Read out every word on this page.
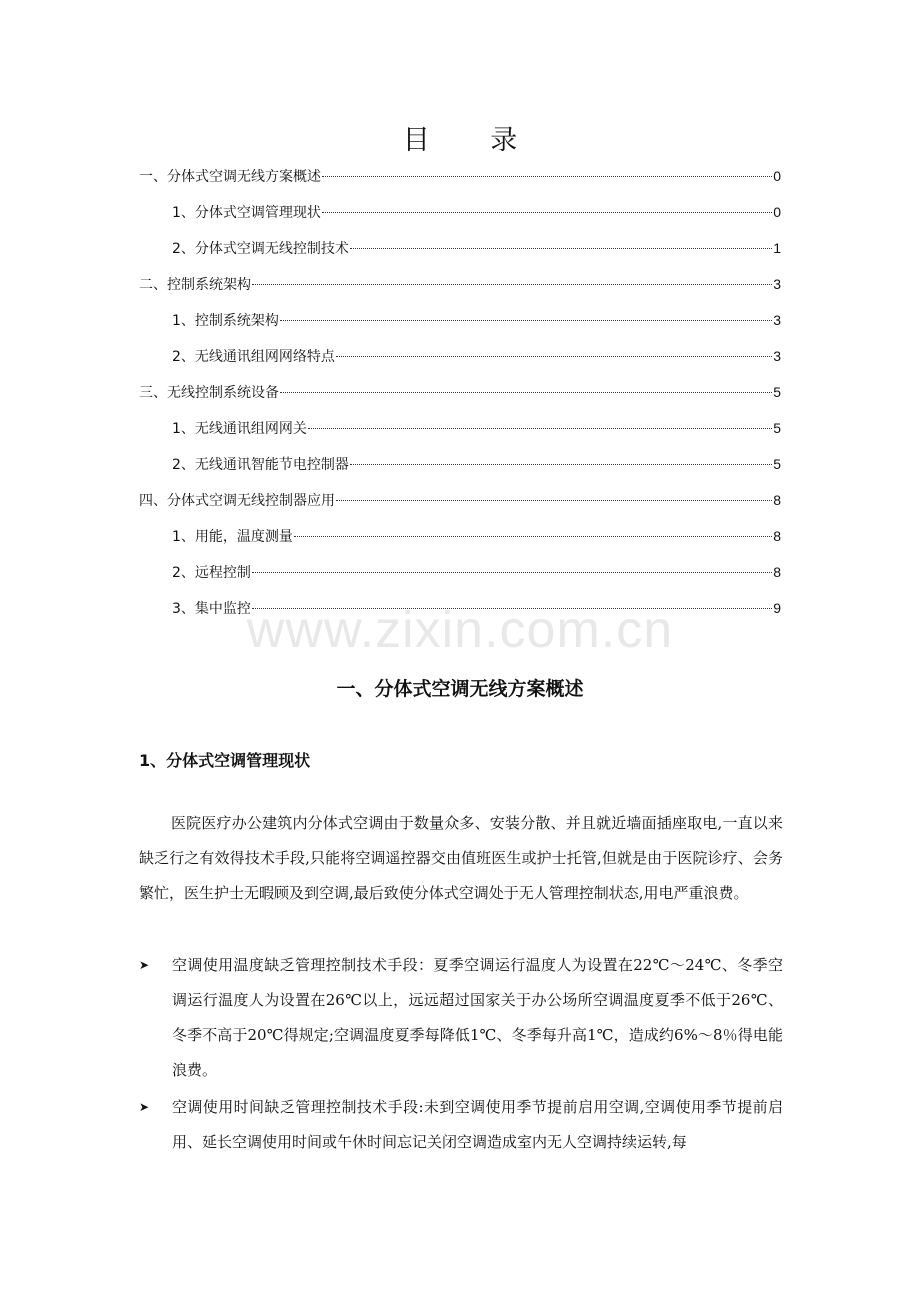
目 录
一、分体式空调无线方案概述	0
1、分体式空调管理现状	0
2、分体式空调无线控制技术	1
二、控制系统架构	3
1、控制系统架构	3
2、无线通讯组网网络特点	3
三、无线控制系统设备	5
1、无线通讯组网网关	5
2、无线通讯智能节电控制器	5
四、分体式空调无线控制器应用	8
1、用能，温度测量	8
2、远程控制	8
3、集中监控	9
www.zixin.com.cn
一、分体式空调无线方案概述
1、分体式空调管理现状

医院医疗办公建筑内分体式空调由于数量众多、安装分散、并且就近墙面插座取电,一直以来缺乏行之有效得技术手段,只能将空调遥控器交由值班医生或护士托管,但就是由于医院诊疗、会务繁忙，医生护士无暇顾及到空调,最后致使分体式空调处于无人管理控制状态,用电严重浪费。

➤	空调使用温度缺乏管理控制技术手段：夏季空调运行温度人为设置在22℃～24℃、冬季空调运行温度人为设置在26℃以上，远远超过国家关于办公场所空调温度夏季不低于26℃、冬季不高于20℃得规定;空调温度夏季每降低1℃、冬季每升高1℃，造成约6%～8％得电能浪费。
➤	空调使用时间缺乏管理控制技术手段:未到空调使用季节提前启用空调,空调使用季节提前启用、延长空调使用时间或午休时间忘记关闭空调造成室内无人空调持续运转,每
